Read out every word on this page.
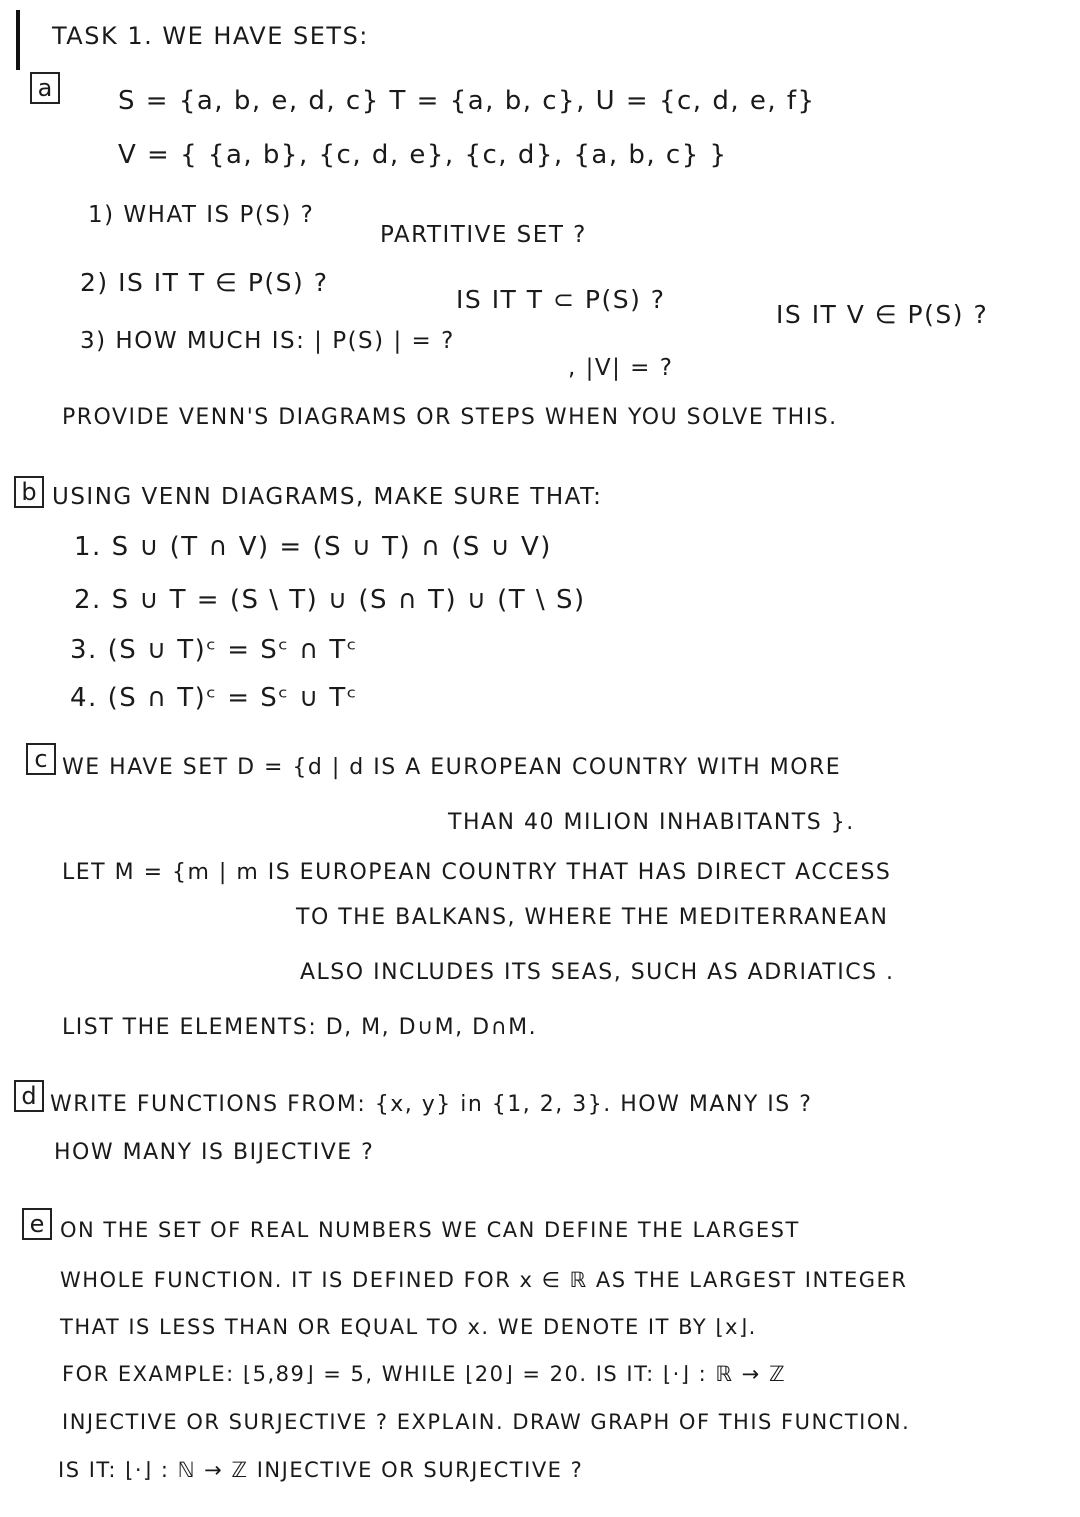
TASK 1. WE HAVE SETS:
a	S = {a, b, e, d, c} T = {a, b, c}, U = {c, d, e, f}
V = { {a, b}, {c, d, e}, {c, d}, {a, b, c} }
1) WHAT IS P(S) ?
PARTITIVE SET ?
2) IS IT T ∈ P(S) ?
IS IT T ⊂ P(S) ?
IS IT V ∈ P(S) ?
3) HOW MUCH IS: | P(S) | = ?
, |V| = ?
PROVIDE VENN'S DIAGRAMS OR STEPS WHEN YOU SOLVE THIS.
b USING VENN DIAGRAMS, MAKE SURE THAT:
1. S ∪ (T ∩ V) = (S ∪ T) ∩ (S ∪ V)
2. S ∪ T = (S \ T) ∪ (S ∩ T) ∪ (T \ S)
3. (S ∪ T)ᶜ = Sᶜ ∩ Tᶜ
4. (S ∩ T)ᶜ = Sᶜ ∪ Tᶜ
c WE HAVE SET D = {d | d IS A EUROPEAN COUNTRY WITH MORE
THAN 40 MILION INHABITANTS }.
LET M = {m | m IS EUROPEAN COUNTRY THAT HAS DIRECT ACCESS
TO THE BALKANS, WHERE THE MEDITERRANEAN
ALSO INCLUDES ITS SEAS, SUCH AS ADRIATICS .
LIST THE ELEMENTS: D, M, D∪M, D∩M.
d WRITE FUNCTIONS FROM: {x, y} in {1, 2, 3}. HOW MANY IS ?
HOW MANY IS BIJECTIVE ?
e ON THE SET OF REAL NUMBERS WE CAN DEFINE THE LARGEST
WHOLE FUNCTION. IT IS DEFINED FOR x ∈ ℝ AS THE LARGEST INTEGER
THAT IS LESS THAN OR EQUAL TO x. WE DENOTE IT BY ⌊x⌋.
FOR EXAMPLE: ⌊5,89⌋ = 5, WHILE ⌊20⌋ = 20. IS IT: ⌊·⌋ : ℝ → ℤ
INJECTIVE OR SURJECTIVE ? EXPLAIN. DRAW GRAPH OF THIS FUNCTION.
IS IT: ⌊·⌋ : ℕ → ℤ INJECTIVE OR SURJECTIVE ?
